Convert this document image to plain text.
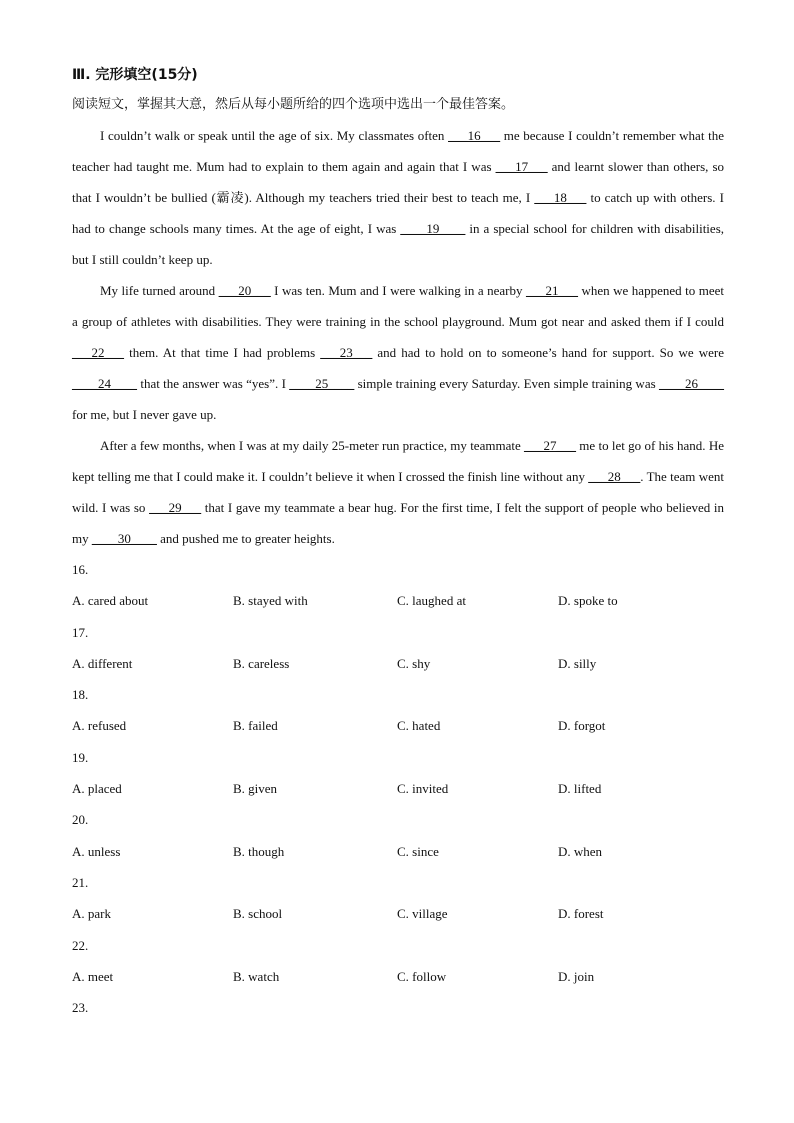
Ⅲ. 完形填空(15分)

阅读短文，掌握其大意，然后从每小题所给的四个选项中选出一个最佳答案。

I couldn’t walk or speak until the age of six. My classmates often ___16___ me because I couldn’t remember what the teacher had taught me. Mum had to explain to them again and again that I was ___17___ and learnt slower than others, so that I wouldn’t be bullied (霸凌). Although my teachers tried their best to teach me, I ___18___ to catch up with others. I had to change schools many times. At the age of eight, I was ____19____ in a special school for children with disabilities, but I still couldn’t keep up.

My life turned around ___20___ I was ten. Mum and I were walking in a nearby ___21___ when we happened to meet a group of athletes with disabilities. They were training in the school playground. Mum got near and asked them if I could ___22___ them. At that time I had problems ___23___ and had to hold on to someone’s hand for support. So we were ____24____ that the answer was “yes”. I ____25____ simple training every Saturday. Even simple training was ____26____ for me, but I never gave up.

After a few months, when I was at my daily 25-meter run practice, my teammate ___27___ me to let go of his hand. He kept telling me that I could make it. I couldn’t believe it when I crossed the finish line without any ___28___. The team went wild. I was so ___29___ that I gave my teammate a bear hug. For the first time, I felt the support of people who believed in my ____30____ and pushed me to greater heights.

16.

A. cared about	B. stayed with	C. laughed at	D. spoke to

17.

A. different	B. careless	C. shy	D. silly

18.

A. refused	B. failed	C. hated	D. forgot

19.

A. placed	B. given	C. invited	D. lifted

20.

A. unless	B. though	C. since	D. when

21.

A. park	B. school	C. village	D. forest

22.

A. meet	B. watch	C. follow	D. join

23.
